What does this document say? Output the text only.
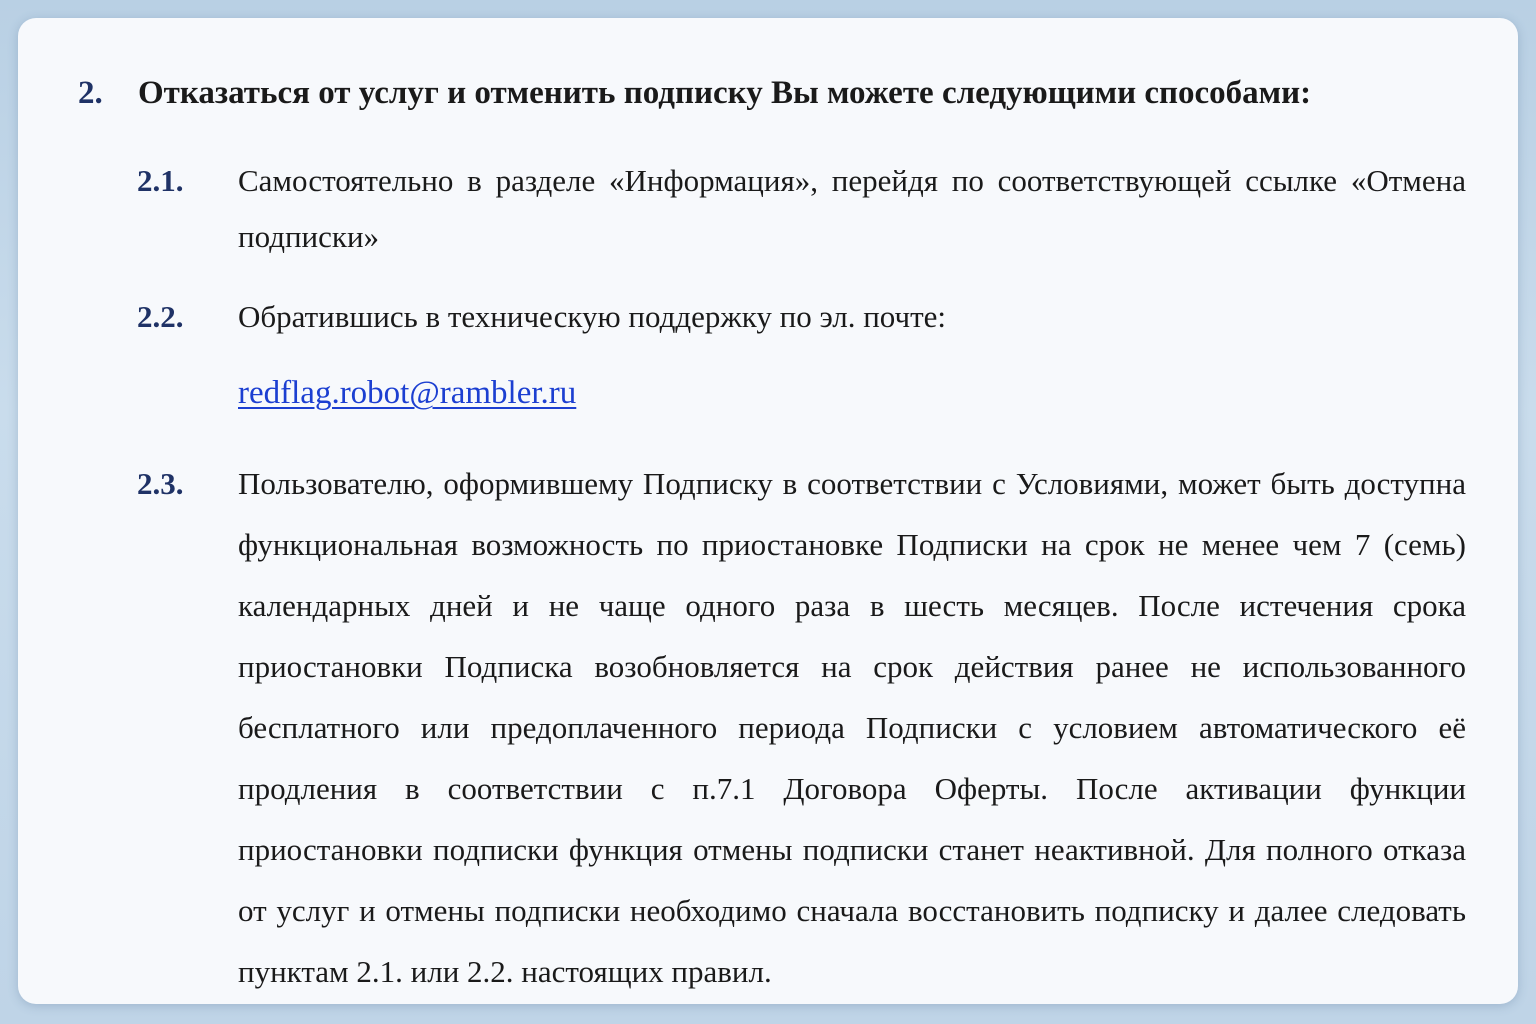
2. Отказаться от услуг и отменить подписку Вы можете следующими способами:
2.1. Самостоятельно в разделе «Информация», перейдя по соответствующей ссылке «Отмена подписки»
2.2. Обратившись в техническую поддержку по эл. почте:
redflag.robot@rambler.ru
2.3. Пользователю, оформившему Подписку в соответствии с Условиями, может быть доступна функциональная возможность по приостановке Подписки на срок не менее чем 7 (семь) календарных дней и не чаще одного раза в шесть месяцев. После истечения срока приостановки Подписка возобновляется на срок действия ранее не использованного бесплатного или предоплаченного периода Подписки с условием автоматического её продления в соответствии с п.7.1 Договора Оферты. После активации функции приостановки подписки функция отмены подписки станет неактивной. Для полного отказа от услуг и отмены подписки необходимо сначала восстановить подписку и далее следовать пунктам 2.1. или 2.2. настоящих правил.
